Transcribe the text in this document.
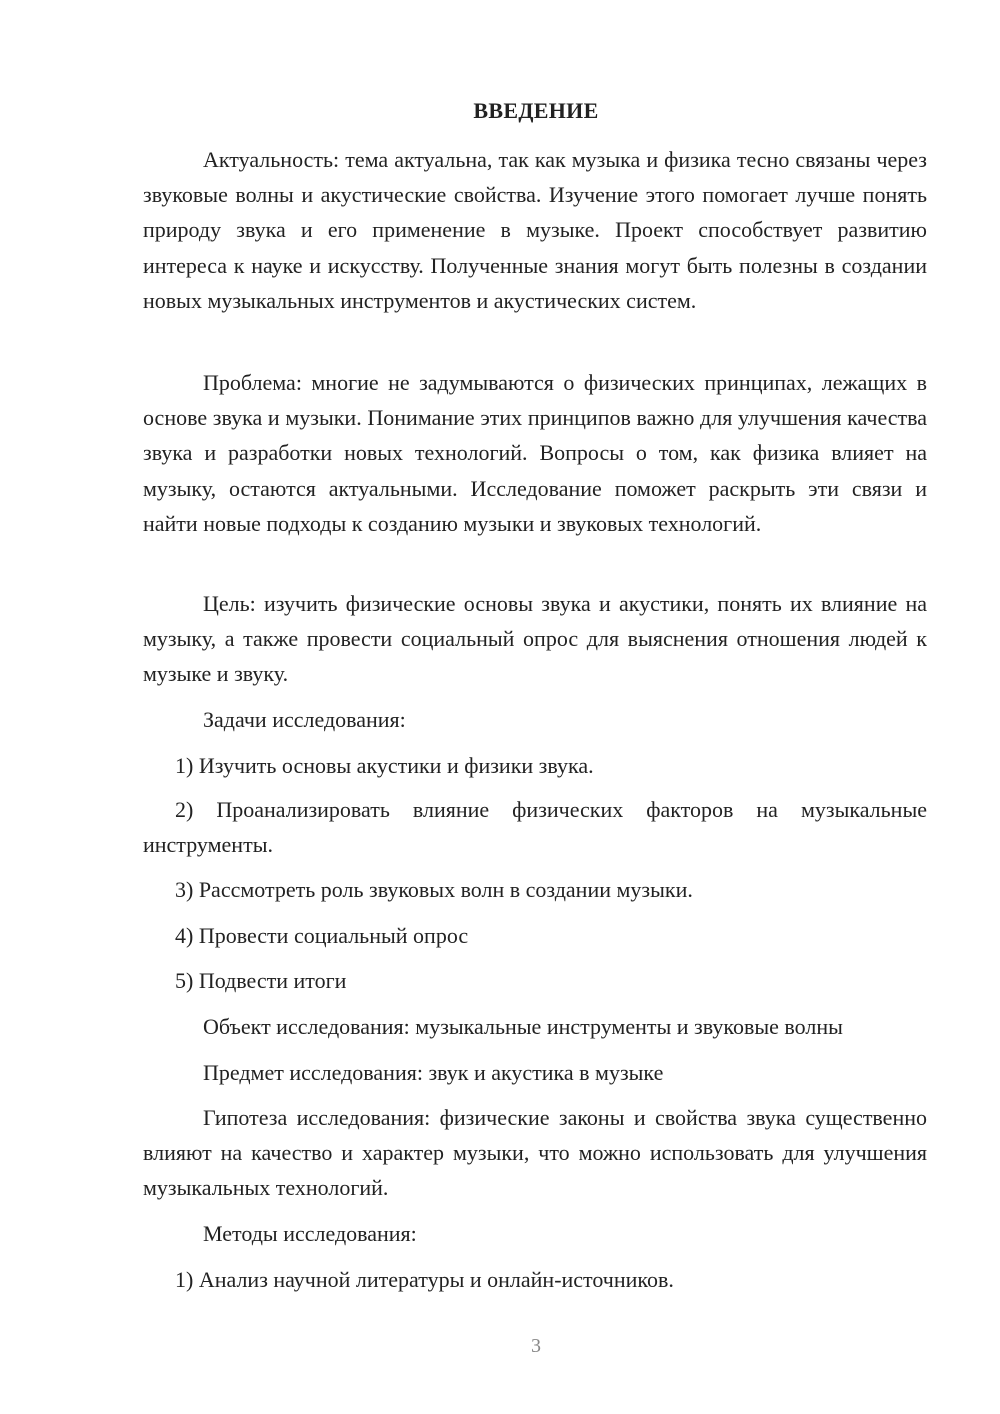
ВВЕДЕНИЕ

Актуальность: тема актуальна, так как музыка и физика тесно связаны через звуковые волны и акустические свойства. Изучение этого помогает лучше понять природу звука и его применение в музыке. Проект способствует развитию интереса к науке и искусству. Полученные знания могут быть полезны в создании новых музыкальных инструментов и акустических систем.

Проблема: многие не задумываются о физических принципах, лежащих в основе звука и музыки. Понимание этих принципов важно для улучшения качества звука и разработки новых технологий. Вопросы о том, как физика влияет на музыку, остаются актуальными. Исследование поможет раскрыть эти связи и найти новые подходы к созданию музыки и звуковых технологий.

Цель: изучить физические основы звука и акустики, понять их влияние на музыку, а также провести социальный опрос для выяснения отношения людей к музыке и звуку.

Задачи исследования:

1) Изучить основы акустики и физики звука.

2) Проанализировать влияние физических факторов на музыкальные инструменты.

3) Рассмотреть роль звуковых волн в создании музыки.

4) Провести социальный опрос

5) Подвести итоги

Объект исследования: музыкальные инструменты и звуковые волны

Предмет исследования: звук и акустика в музыке

Гипотеза исследования: физические законы и свойства звука существенно влияют на качество и характер музыки, что можно использовать для улучшения музыкальных технологий.

Методы исследования:

1) Анализ научной литературы и онлайн-источников.

3
